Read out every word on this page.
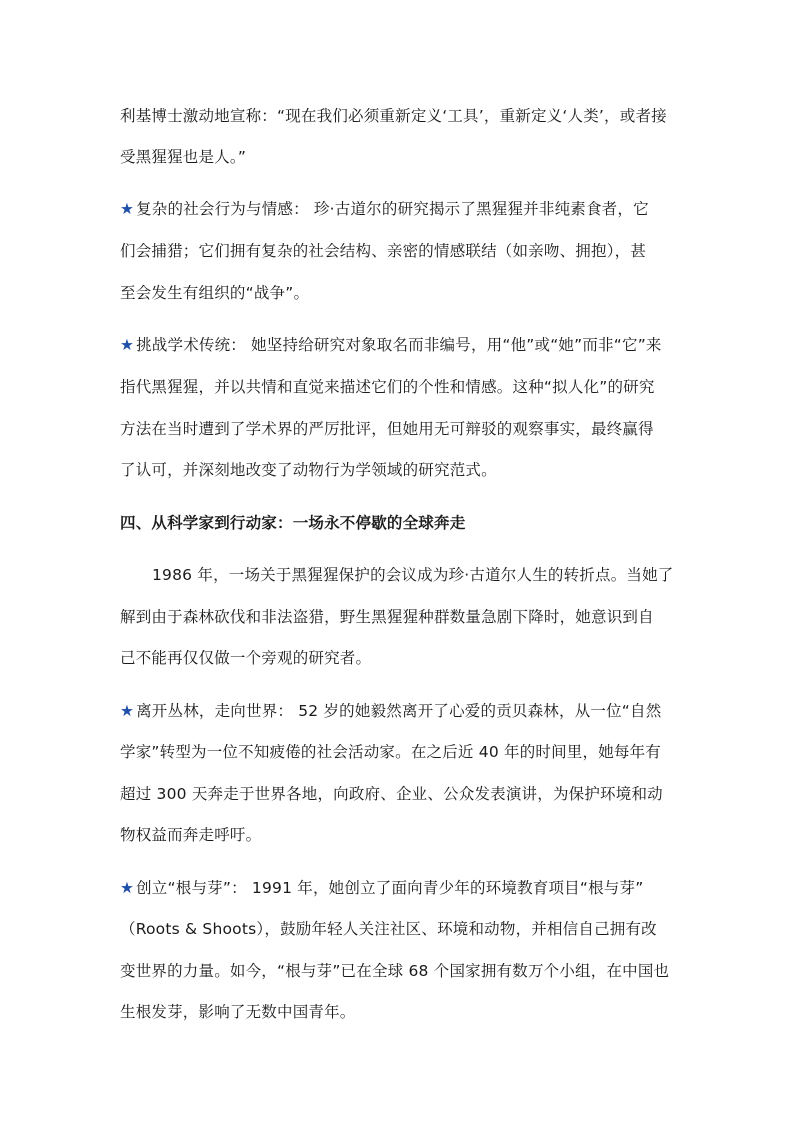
利基博士激动地宣称：“现在我们必须重新定义‘工具’，重新定义‘人类’，或者接
受黑猩猩也是人。”
★ 复杂的社会行为与情感： 珍·古道尔的研究揭示了黑猩猩并非纯素食者，它
们会捕猎；它们拥有复杂的社会结构、亲密的情感联结（如亲吻、拥抱），甚
至会发生有组织的“战争”。
★ 挑战学术传统： 她坚持给研究对象取名而非编号，用“他”或“她”而非“它”来
指代黑猩猩，并以共情和直觉来描述它们的个性和情感。这种“拟人化”的研究
方法在当时遭到了学术界的严厉批评，但她用无可辩驳的观察事实，最终赢得
了认可，并深刻地改变了动物行为学领域的研究范式。
四、从科学家到行动家：一场永不停歇的全球奔走
1986 年，一场关于黑猩猩保护的会议成为珍·古道尔人生的转折点。当她了
解到由于森林砍伐和非法盗猎，野生黑猩猩种群数量急剧下降时，她意识到自
己不能再仅仅做一个旁观的研究者。
★ 离开丛林，走向世界： 52 岁的她毅然离开了心爱的贡贝森林，从一位“自然
学家”转型为一位不知疲倦的社会活动家。在之后近 40 年的时间里，她每年有
超过 300 天奔走于世界各地，向政府、企业、公众发表演讲，为保护环境和动
物权益而奔走呼吁。
★ 创立“根与芽”： 1991 年，她创立了面向青少年的环境教育项目“根与芽”
（Roots & Shoots），鼓励年轻人关注社区、环境和动物，并相信自己拥有改
变世界的力量。如今，“根与芽”已在全球 68 个国家拥有数万个小组，在中国也
生根发芽，影响了无数中国青年。
